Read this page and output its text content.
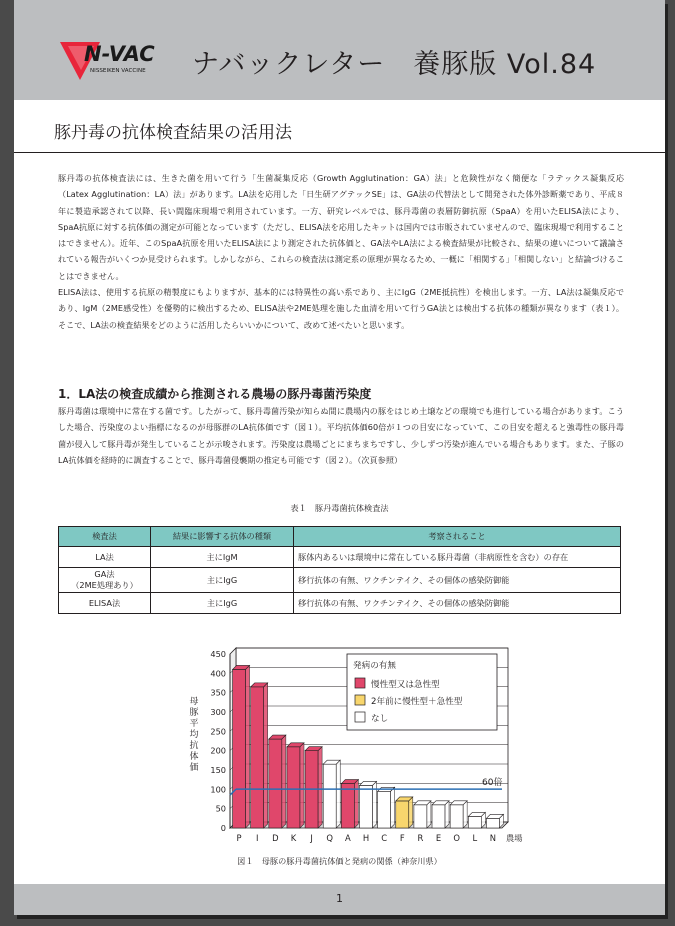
N-VAC
NISSEIKEN VACCINE ナバックレター　養豚版 Vol.84
豚丹毒の抗体検査結果の活用法

豚丹毒の抗体検査法には、生きた菌を用いて行う「生菌凝集反応（Growth Agglutination：GA）法」と危険性がなく簡便な「ラテックス凝集反応（Latex Agglutination：LA）法」があります。LA法を応用した「日生研アグテックSE」は、GA法の代替法として開発された体外診断薬であり、平成８年に製造承認されて以降、長い間臨床現場で利用されています。一方、研究レベルでは、豚丹毒菌の表層防御抗原（SpaA）を用いたELISA法により、SpaA抗原に対する抗体価の測定が可能となっています（ただし、ELISA法を応用したキットは国内では市販されていませんので、臨床現場で利用することはできません）。近年、このSpaA抗原を用いたELISA法により測定された抗体価と、GA法やLA法による検査結果が比較され、結果の違いについて議論されている報告がいくつか見受けられます。しかしながら、これらの検査法は測定系の原理が異なるため、一概に「相関する」「相関しない」と結論づけることはできません。

ELISA法は、使用する抗原の精製度にもよりますが、基本的には特異性の高い系であり、主にIgG（2ME抵抗性）を検出します。一方、LA法は凝集反応であり、IgM（2ME感受性）を優勢的に検出するため、ELISA法や2ME処理を施した血清を用いて行うGA法とは検出する抗体の種類が異なります（表１）。そこで、LA法の検査結果をどのように活用したらいいかについて、改めて述べたいと思います。

1．LA法の検査成績から推測される農場の豚丹毒菌汚染度

豚丹毒菌は環境中に常在する菌です。したがって、豚丹毒菌汚染が知らぬ間に農場内の豚をはじめ土壌などの環境でも進行している場合があります。こうした場合、汚染度のよい指標になるのが母豚群のLA抗体価です（図１）。平均抗体価60倍が１つの目安になっていて、この目安を超えると強毒性の豚丹毒菌が侵入して豚丹毒が発生していることが示唆されます。汚染度は農場ごとにまちまちですし、少しずつ汚染が進んでいる場合もあります。また、子豚のLA抗体価を経時的に調査することで、豚丹毒菌侵襲期の推定も可能です（図２）。（次頁参照）

表１　豚丹毒菌抗体検査法
検査法	結果に影響する抗体の種類	考察されること
LA法	主にIgM	豚体内あるいは環境中に常在している豚丹毒菌（非病原性を含む）の存在
GA法
（2ME処理あり）	主にIgG	移行抗体の有無、ワクチンテイク、その個体の感染防御能
ELISA法	主にIgG	移行抗体の有無、ワクチンテイク、その個体の感染防御能
0
50
100
150
200
250
300
350
400
450
P I D K J Q A H C F R E O L N 農場
60倍
母
豚
平
均
抗
体
価
発病の有無
慢性型又は急性型
2年前に慢性型＋急性型
なし
図１　母豚の豚丹毒菌抗体価と発病の関係（神奈川県）
1
